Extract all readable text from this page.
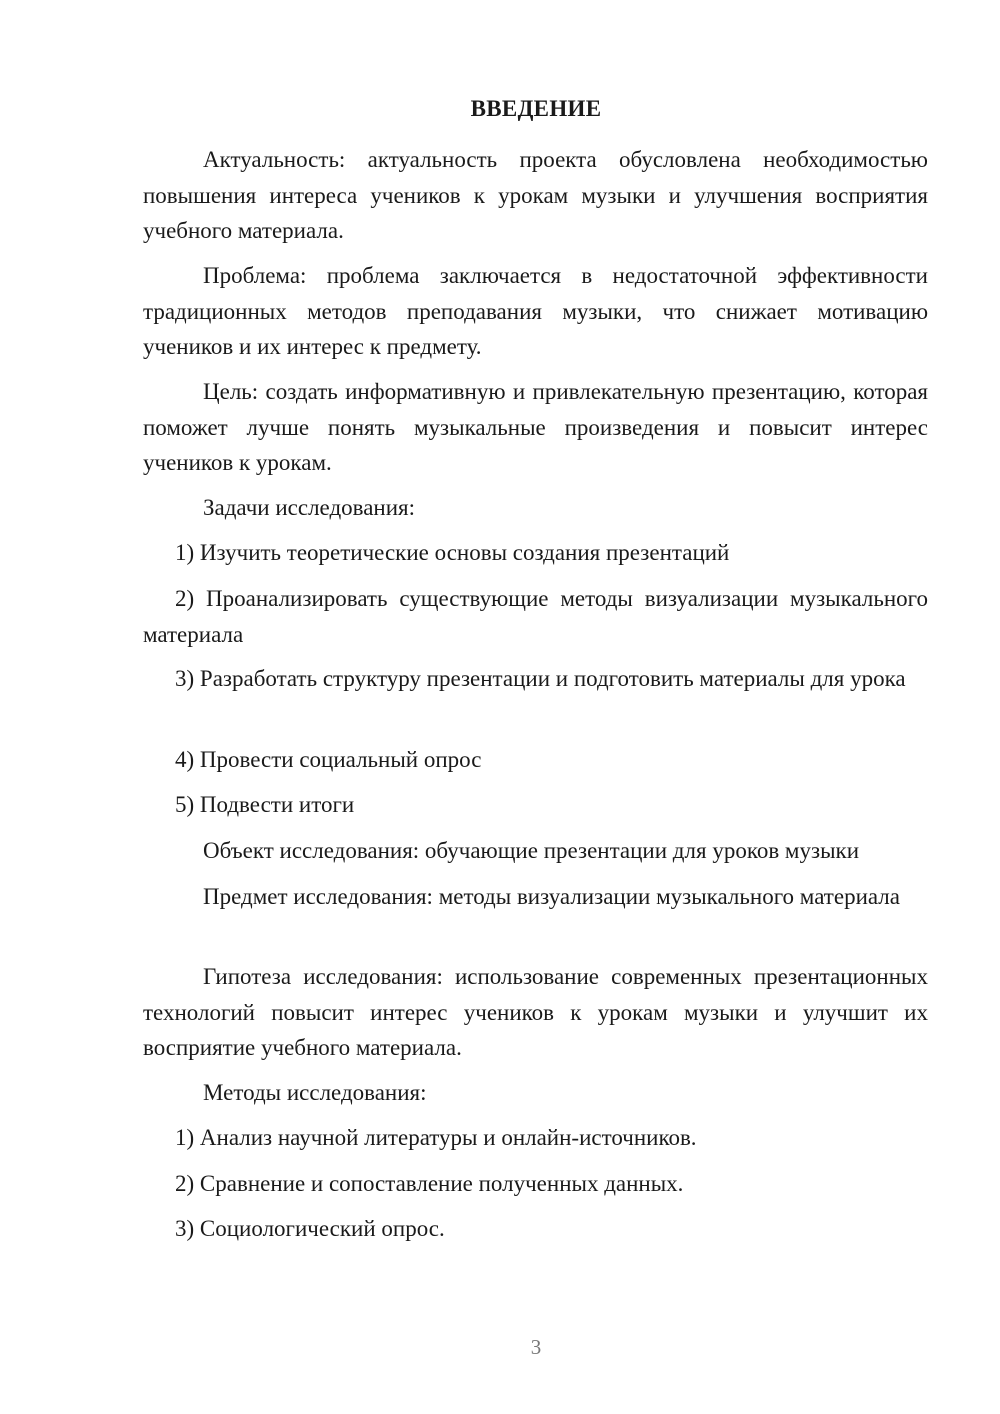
ВВЕДЕНИЕ

Актуальность: актуальность проекта обусловлена необходимостью повышения интереса учеников к урокам музыки и улучшения восприятия учебного материала.

Проблема: проблема заключается в недостаточной эффективности традиционных методов преподавания музыки, что снижает мотивацию учеников и их интерес к предмету.

Цель: создать информативную и привлекательную презентацию, которая поможет лучше понять музыкальные произведения и повысит интерес учеников к урокам.

Задачи исследования:

1) Изучить теоретические основы создания презентаций

2) Проанализировать существующие методы визуализации музыкального материала

3) Разработать структуру презентации и подготовить материалы для урока

4) Провести социальный опрос

5) Подвести итоги

Объект исследования: обучающие презентации для уроков музыки

Предмет исследования: методы визуализации музыкального материала

Гипотеза исследования: использование современных презентационных технологий повысит интерес учеников к урокам музыки и улучшит их восприятие учебного материала.

Методы исследования:

1) Анализ научной литературы и онлайн-источников.

2) Сравнение и сопоставление полученных данных.

3) Социологический опрос.

3
